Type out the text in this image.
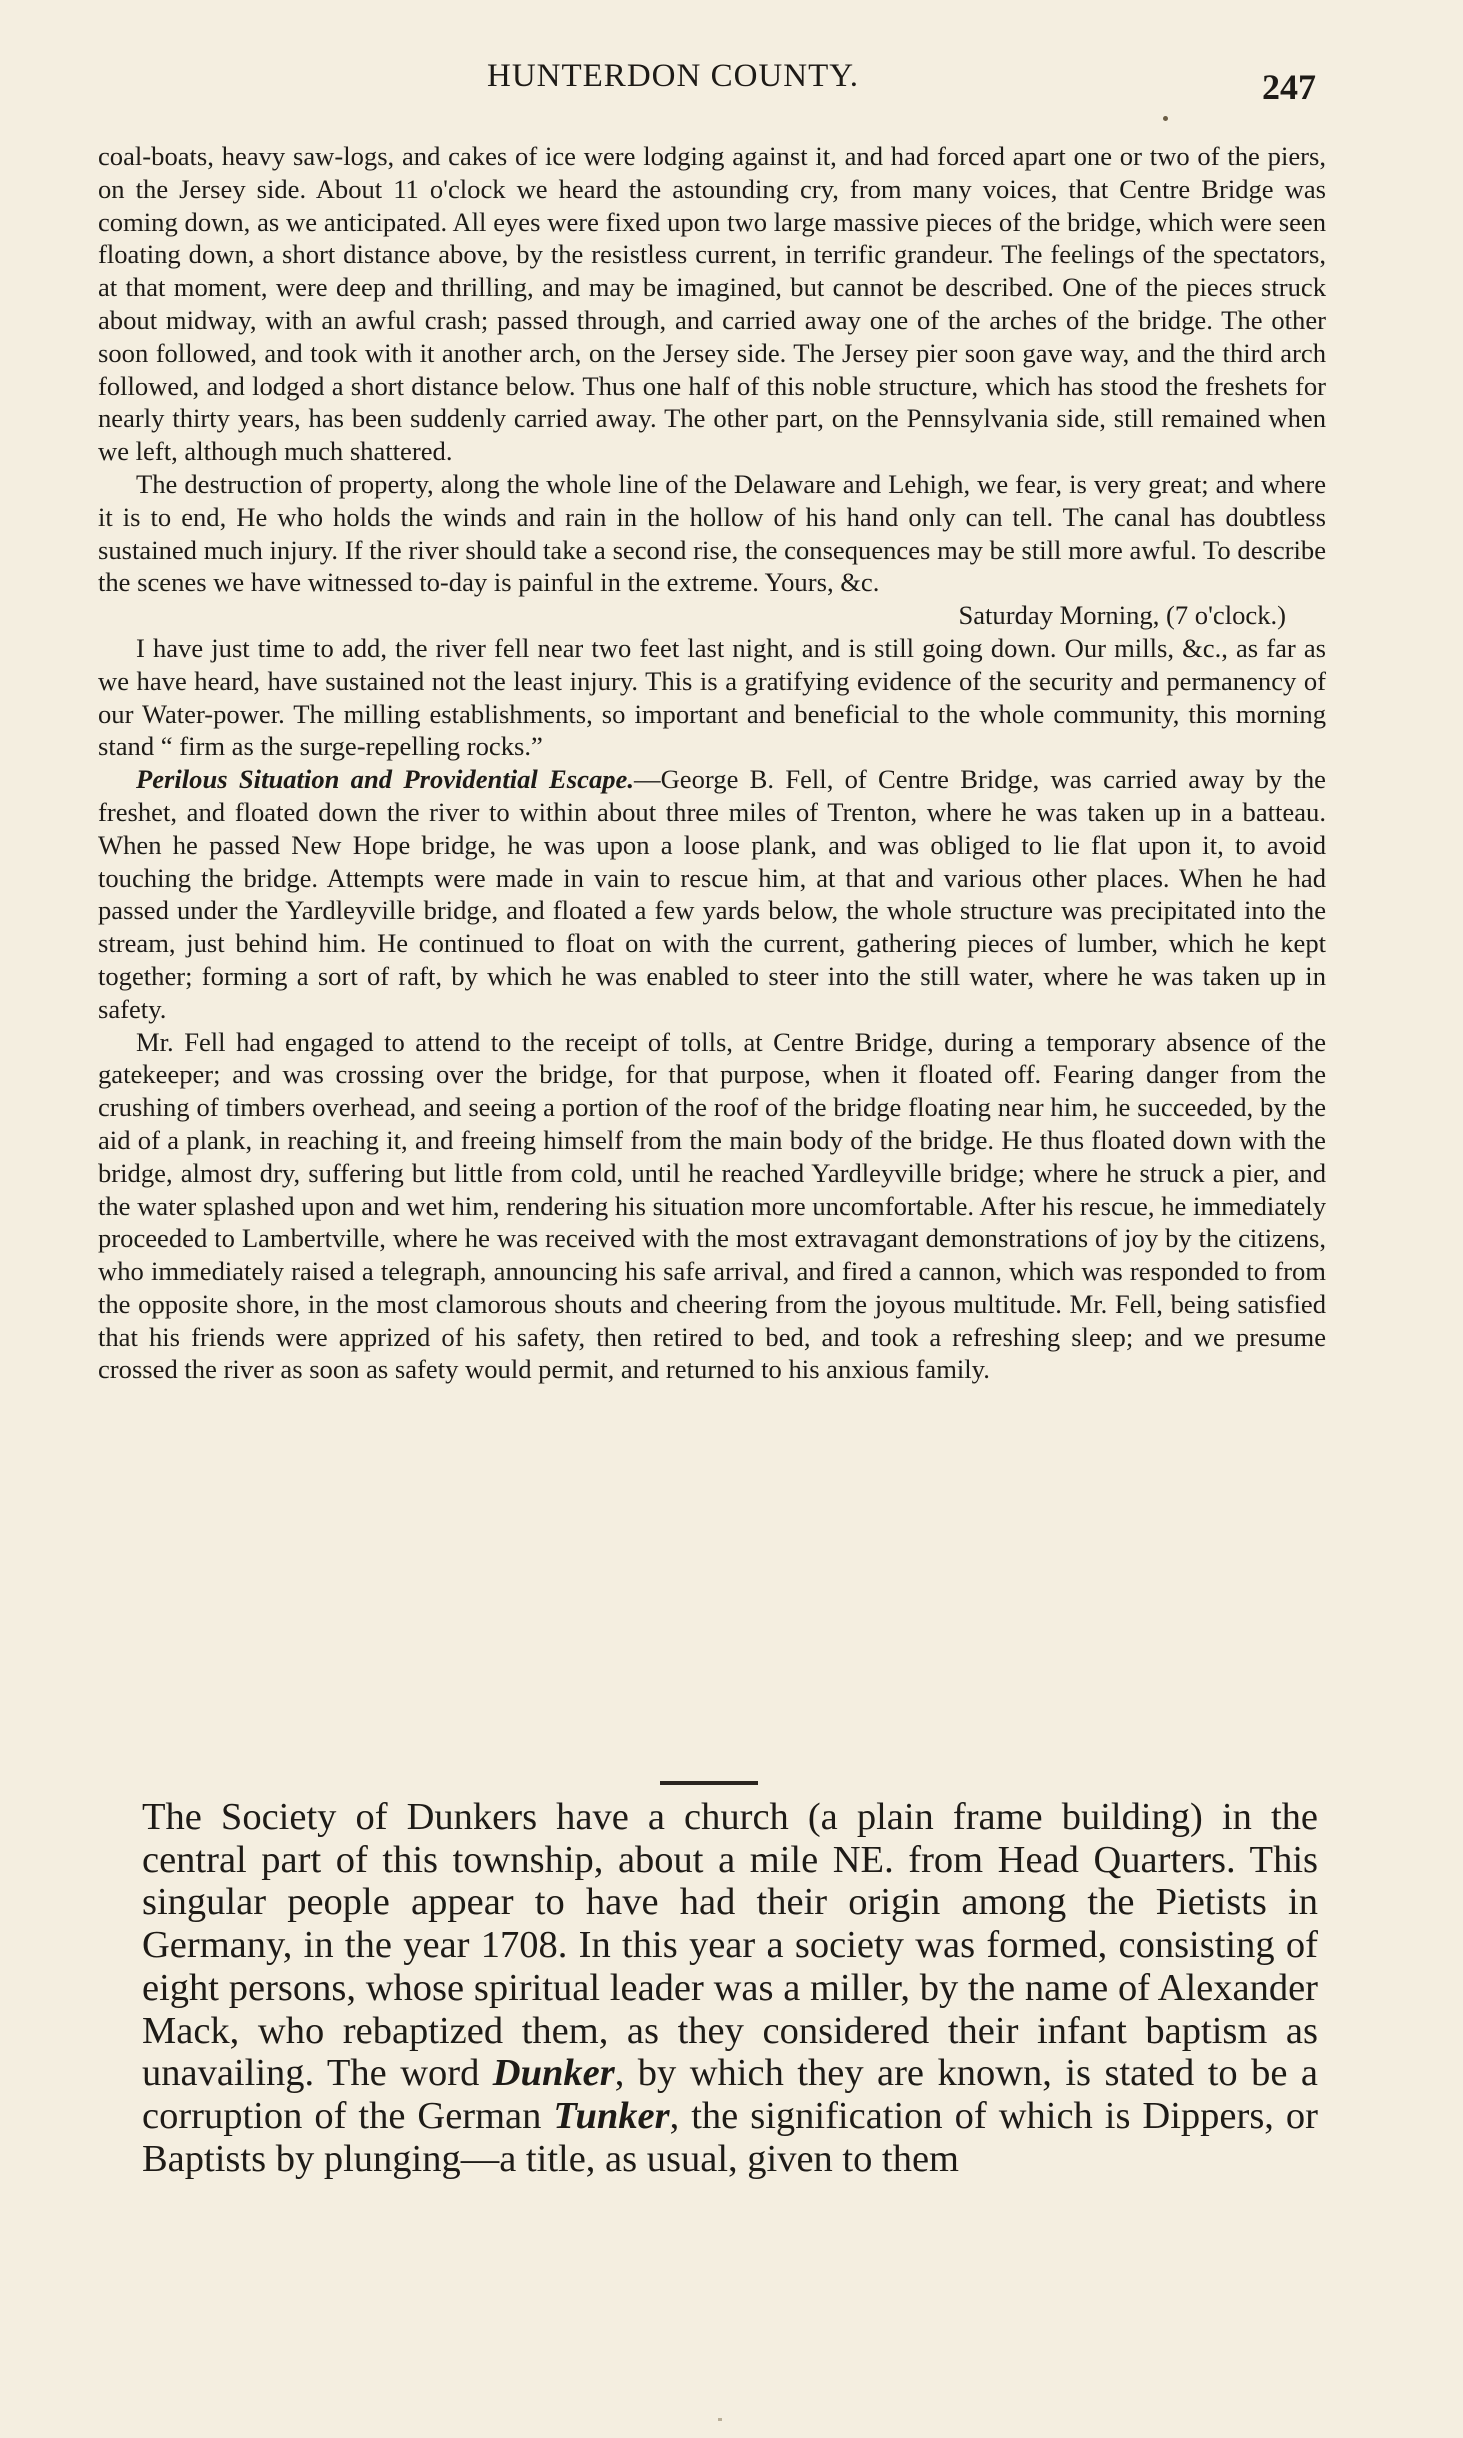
HUNTERDON COUNTY.	247

coal-boats, heavy saw-logs, and cakes of ice were lodging against it, and had forced apart one or two of the piers, on the Jersey side. About 11 o'clock we heard the astounding cry, from many voices, that Centre Bridge was coming down, as we anticipated. All eyes were fixed upon two large massive pieces of the bridge, which were seen floating down, a short distance above, by the resistless current, in terrific grandeur. The feelings of the spectators, at that moment, were deep and thrilling, and may be imagined, but cannot be described. One of the pieces struck about midway, with an awful crash; passed through, and carried away one of the arches of the bridge. The other soon followed, and took with it another arch, on the Jersey side. The Jersey pier soon gave way, and the third arch followed, and lodged a short distance below. Thus one half of this noble structure, which has stood the freshets for nearly thirty years, has been suddenly carried away. The other part, on the Pennsylvania side, still remained when we left, although much shattered.

The destruction of property, along the whole line of the Delaware and Lehigh, we fear, is very great; and where it is to end, He who holds the winds and rain in the hollow of his hand only can tell. The canal has doubtless sustained much injury. If the river should take a second rise, the consequences may be still more awful. To describe the scenes we have witnessed to-day is painful in the extreme. Yours, &c.

Saturday Morning, (7 o'clock.)

I have just time to add, the river fell near two feet last night, and is still going down. Our mills, &c., as far as we have heard, have sustained not the least injury. This is a gratifying evidence of the security and permanency of our Water-power. The milling establishments, so important and beneficial to the whole community, this morning stand “ firm as the surge-repelling rocks.”

Perilous Situation and Providential Escape.—George B. Fell, of Centre Bridge, was carried away by the freshet, and floated down the river to within about three miles of Trenton, where he was taken up in a batteau. When he passed New Hope bridge, he was upon a loose plank, and was obliged to lie flat upon it, to avoid touching the bridge. Attempts were made in vain to rescue him, at that and various other places. When he had passed under the Yardleyville bridge, and floated a few yards below, the whole structure was precipitated into the stream, just behind him. He continued to float on with the current, gathering pieces of lumber, which he kept together; forming a sort of raft, by which he was enabled to steer into the still water, where he was taken up in safety.

Mr. Fell had engaged to attend to the receipt of tolls, at Centre Bridge, during a temporary absence of the gatekeeper; and was crossing over the bridge, for that purpose, when it floated off. Fearing danger from the crushing of timbers overhead, and seeing a portion of the roof of the bridge floating near him, he succeeded, by the aid of a plank, in reaching it, and freeing himself from the main body of the bridge. He thus floated down with the bridge, almost dry, suffering but little from cold, until he reached Yardleyville bridge; where he struck a pier, and the water splashed upon and wet him, rendering his situation more uncomfortable. After his rescue, he immediately proceeded to Lambertville, where he was received with the most extravagant demonstrations of joy by the citizens, who immediately raised a telegraph, announcing his safe arrival, and fired a cannon, which was responded to from the opposite shore, in the most clamorous shouts and cheering from the joyous multitude. Mr. Fell, being satisfied that his friends were apprized of his safety, then retired to bed, and took a refreshing sleep; and we presume crossed the river as soon as safety would permit, and returned to his anxious family.

The Society of Dunkers have a church (a plain frame building) in the central part of this township, about a mile NE. from Head Quarters. This singular people appear to have had their origin among the Pietists in Germany, in the year 1708. In this year a society was formed, consisting of eight persons, whose spiritual leader was a miller, by the name of Alexander Mack, who rebaptized them, as they considered their infant baptism as unavailing. The word Dunker, by which they are known, is stated to be a corruption of the German Tunker, the signification of which is Dippers, or Baptists by plunging—a title, as usual, given to them
